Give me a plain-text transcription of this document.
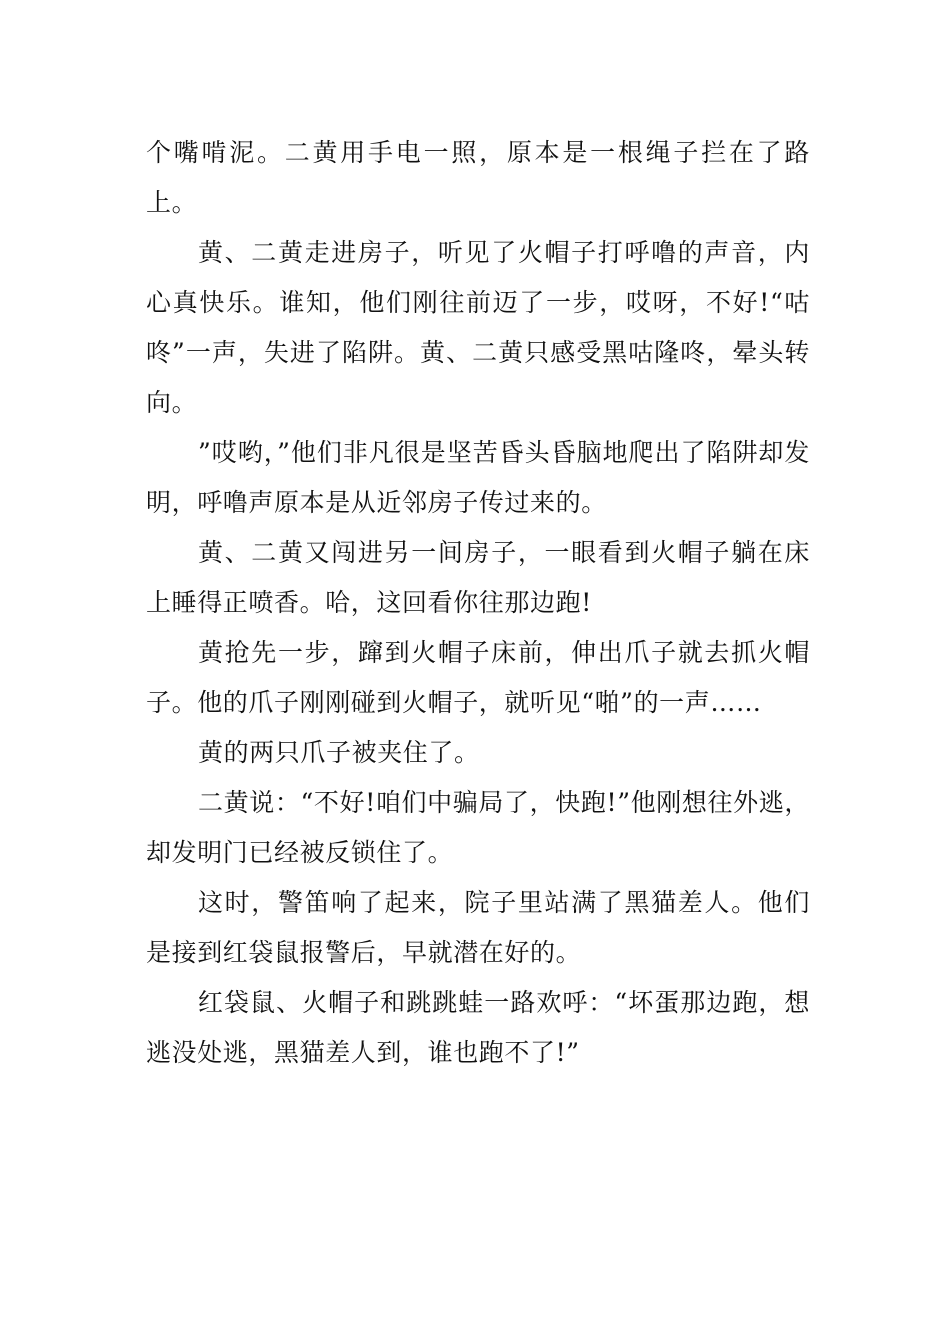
个嘴啃泥。二黄用手电一照，原本是一根绳子拦在了路上。

黄、二黄走进房子，听见了火帽子打呼噜的声音，内心真快乐。谁知，他们刚往前迈了一步，哎呀，不好!“咕咚”一声，失进了陷阱。黄、二黄只感受黑咕隆咚，晕头转向。

”哎哟，”他们非凡很是坚苦昏头昏脑地爬出了陷阱却发明，呼噜声原本是从近邻房子传过来的。

黄、二黄又闯进另一间房子，一眼看到火帽子躺在床上睡得正喷香。哈，这回看你往那边跑!

黄抢先一步，蹿到火帽子床前，伸出爪子就去抓火帽子。他的爪子刚刚碰到火帽子，就听见“啪”的一声……

黄的两只爪子被夹住了。

二黄说：“不好!咱们中骗局了，快跑!”他刚想往外逃，却发明门已经被反锁住了。

这时，警笛响了起来，院子里站满了黑猫差人。他们是接到红袋鼠报警后，早就潜在好的。

红袋鼠、火帽子和跳跳蛙一路欢呼：“坏蛋那边跑，想逃没处逃，黑猫差人到，谁也跑不了!”
